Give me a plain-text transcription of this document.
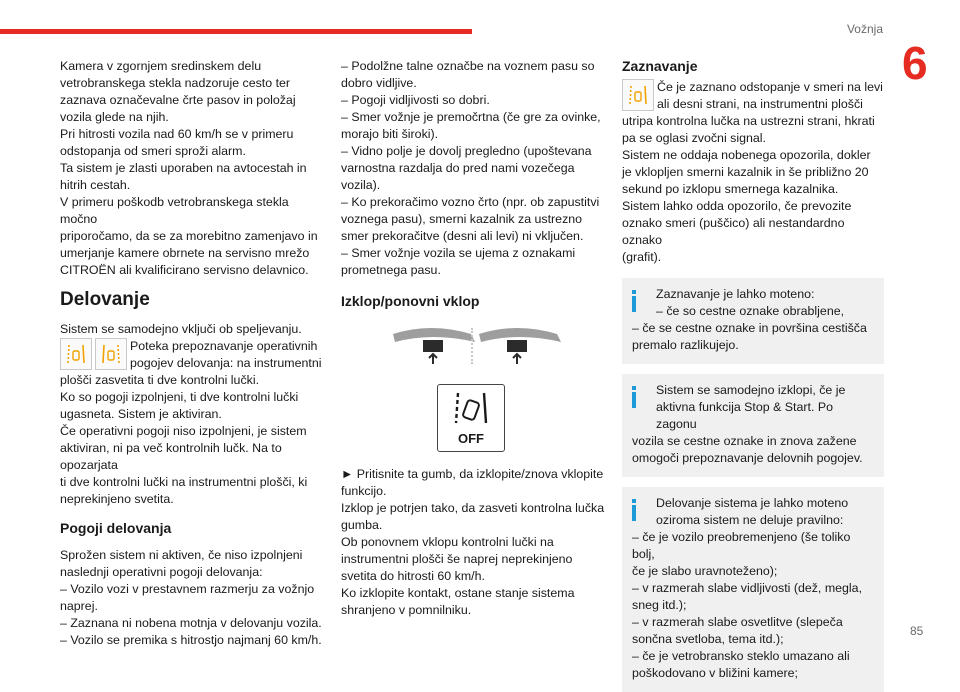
Vožnja
6
85

Kamera v zgornjem sredinskem delu
vetrobranskega stekla nadzoruje cesto ter
zaznava označevalne črte pasov in položaj
vozila glede na njih.
Pri hitrosti vozila nad 60 km/h se v primeru
odstopanja od smeri sproži alarm.
Ta sistem je zlasti uporaben na avtocestah in
hitrih cestah.
V primeru poškodb vetrobranskega stekla močno
priporočamo, da se za morebitno zamenjavo in
umerjanje kamere obrnete na servisno mrežo
CITROËN ali kvalificirano servisno delavnico.

Delovanje

Sistem se samodejno vključi ob speljevanju.

Poteka prepoznavanje operativnih
pogojev delovanja: na instrumentni

plošči zasvetita ti dve kontrolni lučki.
Ko so pogoji izpolnjeni, ti dve kontrolni lučki
ugasneta. Sistem je aktiviran.
Če operativni pogoji niso izpolnjeni, je sistem
aktiviran, ni pa več kontrolnih lučk. Na to opozarjata
ti dve kontrolni lučki na instrumentni plošči, ki
neprekinjeno svetita.

Pogoji delovanja

Sprožen sistem ni aktiven, če niso izpolnjeni
naslednji operativni pogoji delovanja:
– Vozilo vozi v prestavnem razmerju za vožnjo
naprej.
– Zaznana ni nobena motnja v delovanju vozila.
– Vozilo se premika s hitrostjo najmanj 60 km/h.

– Podolžne talne označbe na voznem pasu so
dobro vidljive.
– Pogoji vidljivosti so dobri.
– Smer vožnje je premočrtna (če gre za ovinke,
morajo biti široki).
– Vidno polje je dovolj pregledno (upoštevana
varnostna razdalja do pred nami vozečega
vozila).
– Ko prekoračimo vozno črto (npr. ob zapustitvi
voznega pasu), smerni kazalnik za ustrezno
smer prekoračitve (desni ali levi) ni vključen.
– Smer vožnje vozila se ujema z oznakami
prometnega pasu.

Izklop/ponovni vklop
OFF

► Pritisnite ta gumb, da izklopite/znova vklopite
funkcijo.
Izklop je potrjen tako, da zasveti kontrolna lučka
gumba.
Ob ponovnem vklopu kontrolni lučki na
instrumentni plošči še naprej neprekinjeno
svetita do hitrosti 60 km/h.
Ko izklopite kontakt, ostane stanje sistema
shranjeno v pomnilniku.

Zaznavanje
Če je zaznano odstopanje v smeri na levi
ali desni strani, na instrumentni plošči

utripa kontrolna lučka na ustrezni strani, hkrati
pa se oglasi zvočni signal.
Sistem ne oddaja nobenega opozorila, dokler
je vklopljen smerni kazalnik in še približno 20
sekund po izklopu smernega kazalnika.
Sistem lahko odda opozorilo, če prevozite
oznako smeri (puščico) ali nestandardno oznako
(grafit).

Zaznavanje je lahko moteno:
– če so cestne oznake obrabljene,
– če se cestne oznake in površina cestišča
premalo razlikujejo.
Sistem se samodejno izklopi, če je
aktivna funkcija Stop & Start. Po zagonu
vozila se cestne oznake in znova zažene
omogoči prepoznavanje delovnih pogojev.
Delovanje sistema je lahko moteno
oziroma sistem ne deluje pravilno:
– če je vozilo preobremenjeno (še toliko bolj,
če je slabo uravnoteženo);
– v razmerah slabe vidljivosti (dež, megla,
sneg itd.);
– v razmerah slabe osvetlitve (slepeča
sončna svetloba, tema itd.);
– če je vetrobransko steklo umazano ali
poškodovano v bližini kamere;
